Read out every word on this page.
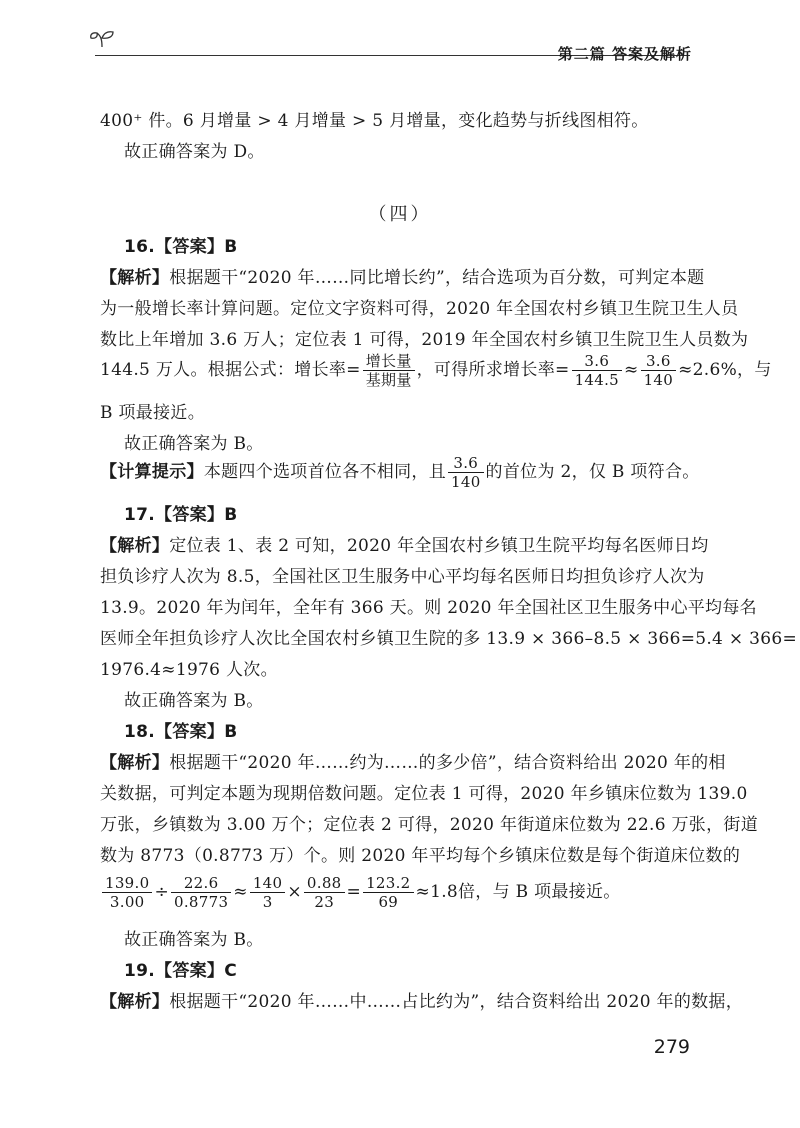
第二篇 答案及解析
400⁺ 件。6 月增量 > 4 月增量 > 5 月增量，变化趋势与折线图相符。
故正确答案为 D。
（四）
16.【答案】B
【解析】根据题干“2020 年……同比增长约”，结合选项为百分数，可判定本题
为一般增长率计算问题。定位文字资料可得，2020 年全国农村乡镇卫生院卫生人员
数比上年增加 3.6 万人；定位表 1 可得，2019 年全国农村乡镇卫生院卫生人员数为
144.5 万人。根据公式：增长率= $\frac{\text{增长量}}{\text{基期量}}$ ，可得所求增长率= $\frac{3.6}{144.5} \approx \frac{3.6}{140} \approx 2.6\%$，与
B 项最接近。
故正确答案为 B。
【计算提示】本题四个选项首位各不相同，且 $\frac{3.6}{140}$ 的首位为 2，仅 B 项符合。
17.【答案】B
【解析】定位表 1、表 2 可知，2020 年全国农村乡镇卫生院平均每名医师日均
担负诊疗人次为 8.5，全国社区卫生服务中心平均每名医师日均担负诊疗人次为
13.9。2020 年为闰年，全年有 366 天。则 2020 年全国社区卫生服务中心平均每名
医师全年担负诊疗人次比全国农村乡镇卫生院的多 13.9 × 366–8.5 × 366=5.4 × 366=
1976.4≈1976 人次。
故正确答案为 B。
18.【答案】B
【解析】根据题干“2020 年……约为……的多少倍”，结合资料给出 2020 年的相
关数据，可判定本题为现期倍数问题。定位表 1 可得，2020 年乡镇床位数为 139.0
万张，乡镇数为 3.00 万个；定位表 2 可得，2020 年街道床位数为 22.6 万张，街道
数为 8773（0.8773 万）个。则 2020 年平均每个乡镇床位数是每个街道床位数的
$\frac{139.0}{3.00} \div \frac{22.6}{0.8773} \approx \frac{140}{3} \times \frac{0.88}{23} = \frac{123.2}{69} \approx 1.8$倍，与 B 项最接近。
故正确答案为 B。
19.【答案】C
【解析】根据题干“2020 年……中……占比约为”，结合资料给出 2020 年的数据，
279
